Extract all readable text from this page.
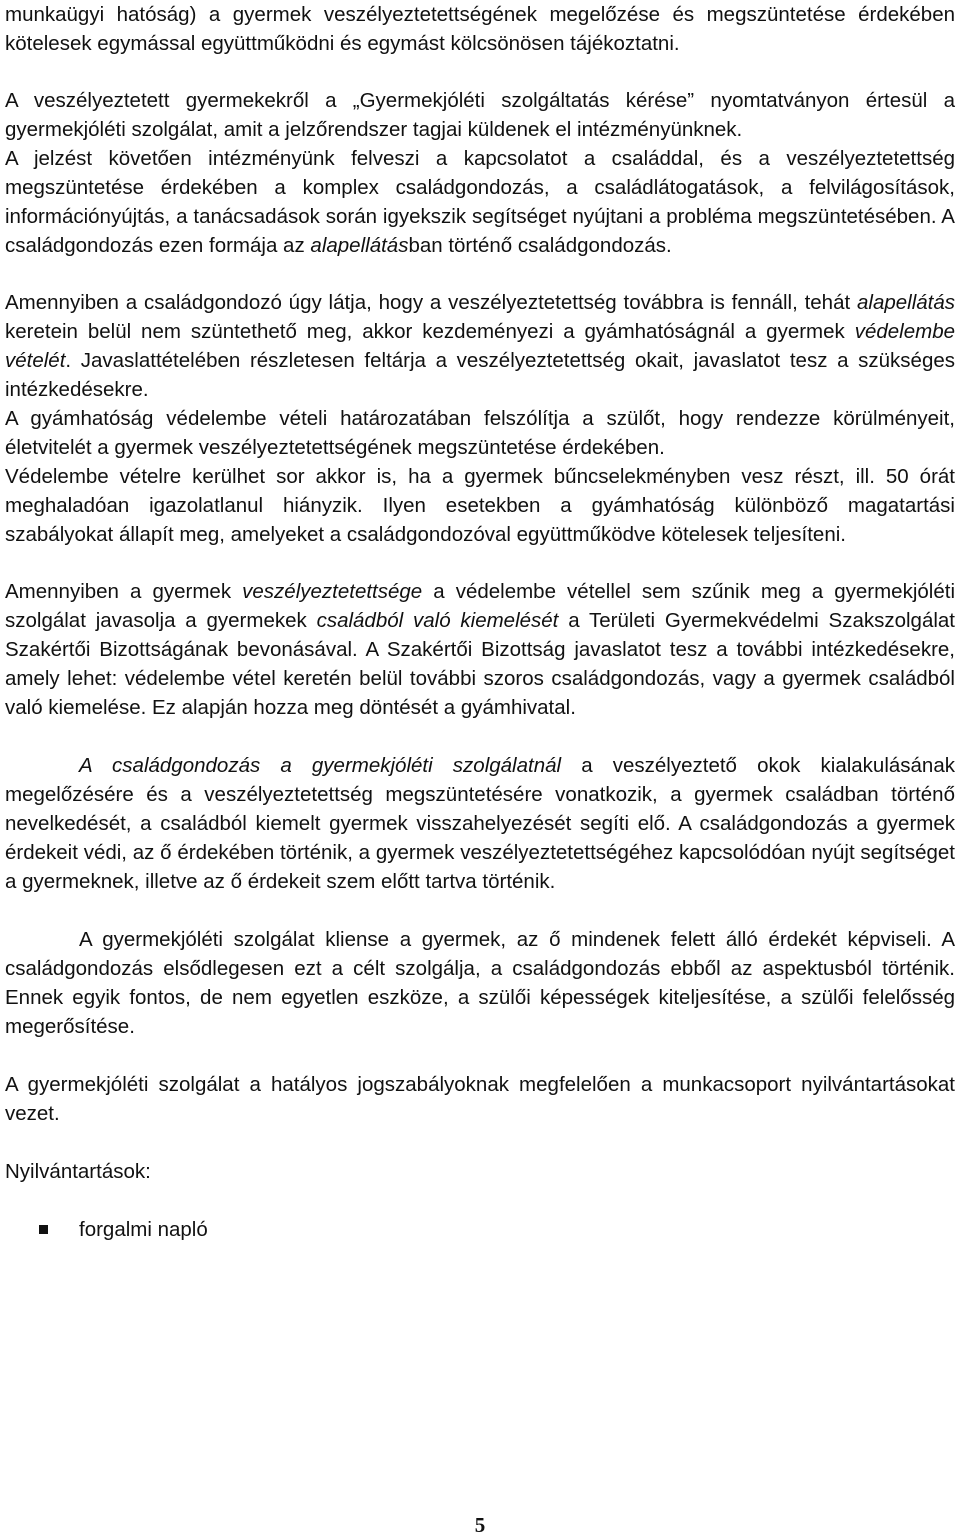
munkaügyi hatóság) a gyermek veszélyeztetettségének megelőzése és megszüntetése érdekében kötelesek egymással együttműködni és egymást kölcsönösen tájékoztatni.

A veszélyeztetett gyermekekről a „Gyermekjóléti szolgáltatás kérése” nyomtatványon értesül a gyermekjóléti szolgálat, amit a jelzőrendszer tagjai küldenek el intézményünknek.

A jelzést követően intézményünk felveszi a kapcsolatot a családdal, és a veszélyeztetettség megszüntetése érdekében a komplex családgondozás, a családlátogatások, a felvilágosítások, információnyújtás, a tanácsadások során igyekszik segítséget nyújtani a probléma megszüntetésében. A családgondozás ezen formája az alapellátásban történő családgondozás.

Amennyiben a családgondozó úgy látja, hogy a veszélyeztetettség továbbra is fennáll, tehát alapellátás keretein belül nem szüntethető meg, akkor kezdeményezi a gyámhatóságnál a gyermek védelembe vételét. Javaslattételében részletesen feltárja a veszélyeztetettség okait, javaslatot tesz a szükséges intézkedésekre.

A gyámhatóság védelembe vételi határozatában felszólítja a szülőt, hogy rendezze körülményeit, életvitelét a gyermek veszélyeztetettségének megszüntetése érdekében.

Védelembe vételre kerülhet sor akkor is, ha a gyermek bűncselekményben vesz részt, ill. 50 órát meghaladóan igazolatlanul hiányzik. Ilyen esetekben a gyámhatóság különböző magatartási szabályokat állapít meg, amelyeket a családgondozóval együttműködve kötelesek teljesíteni.

Amennyiben a gyermek veszélyeztetettsége a védelembe vétellel sem szűnik meg a gyermekjóléti szolgálat javasolja a gyermekek családból való kiemelését a Területi Gyermekvédelmi Szakszolgálat Szakértői Bizottságának bevonásával. A Szakértői Bizottság javaslatot tesz a további intézkedésekre, amely lehet: védelembe vétel keretén belül további szoros családgondozás, vagy a gyermek családból való kiemelése. Ez alapján hozza meg döntését a gyámhivatal.

A családgondozás a gyermekjóléti szolgálatnál a veszélyeztető okok kialakulásának megelőzésére és a veszélyeztetettség megszüntetésére vonatkozik, a gyermek családban történő nevelkedését, a családból kiemelt gyermek visszahelyezését segíti elő. A családgondozás a gyermek érdekeit védi, az ő érdekében történik, a gyermek veszélyeztetettségéhez kapcsolódóan nyújt segítséget a gyermeknek, illetve az ő érdekeit szem előtt tartva történik.

A gyermekjóléti szolgálat kliense a gyermek, az ő mindenek felett álló érdekét képviseli. A családgondozás elsődlegesen ezt a célt szolgálja, a családgondozás ebből az aspektusból történik. Ennek egyik fontos, de nem egyetlen eszköze, a szülői képességek kiteljesítése, a szülői felelősség megerősítése.

A gyermekjóléti szolgálat a hatályos jogszabályoknak megfelelően a munkacsoport nyilvántartásokat vezet.

Nyilvántartások:

forgalmi napló
5
